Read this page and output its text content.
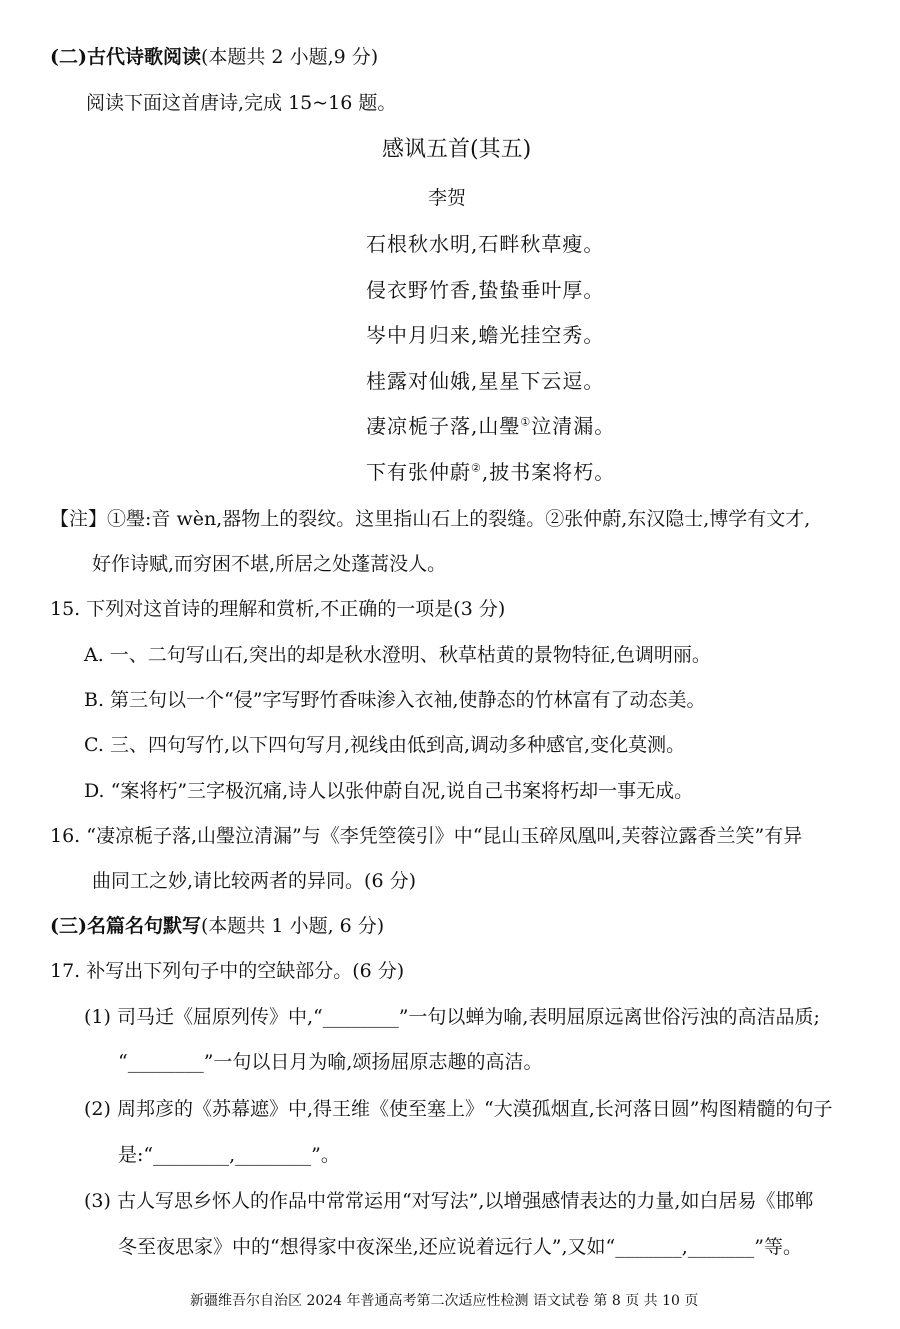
(二)古代诗歌阅读(本题共 2 小题,9 分)
阅读下面这首唐诗,完成 15~16 题。
感讽五首(其五)
李贺
石根秋水明,石畔秋草瘦。
侵衣野竹香,蛰蛰垂叶厚。
岑中月归来,蟾光挂空秀。
桂露对仙娥,星星下云逗。
凄凉栀子落,山璺①泣清漏。
下有张仲蔚②,披书案将朽。
【注】①璺:音 wèn,器物上的裂纹。这里指山石上的裂缝。②张仲蔚,东汉隐士,博学有文才,
好作诗赋,而穷困不堪,所居之处蓬蒿没人。
15. 下列对这首诗的理解和赏析,不正确的一项是(3 分)
A. 一、二句写山石,突出的却是秋水澄明、秋草枯黄的景物特征,色调明丽。
B. 第三句以一个“侵”字写野竹香味渗入衣袖,使静态的竹林富有了动态美。
C. 三、四句写竹,以下四句写月,视线由低到高,调动多种感官,变化莫测。
D. “案将朽”三字极沉痛,诗人以张仲蔚自况,说自己书案将朽却一事无成。
16. “凄凉栀子落,山璺泣清漏”与《李凭箜篌引》中“昆山玉碎凤凰叫,芙蓉泣露香兰笑”有异
曲同工之妙,请比较两者的异同。(6 分)
(三)名篇名句默写(本题共 1 小题, 6 分)
17. 补写出下列句子中的空缺部分。(6 分)
(1) 司马迁《屈原列传》中,“________”一句以蝉为喻,表明屈原远离世俗污浊的高洁品质;
“________”一句以日月为喻,颂扬屈原志趣的高洁。
(2) 周邦彦的《苏幕遮》中,得王维《使至塞上》“大漠孤烟直,长河落日圆”构图精髓的句子
是:“________,________”。
(3) 古人写思乡怀人的作品中常常运用“对写法”,以增强感情表达的力量,如白居易《邯郸
冬至夜思家》中的“想得家中夜深坐,还应说着远行人”,又如“_______,_______”等。
新疆维吾尔自治区 2024 年普通高考第二次适应性检测 语文试卷 第 8 页 共 10 页
